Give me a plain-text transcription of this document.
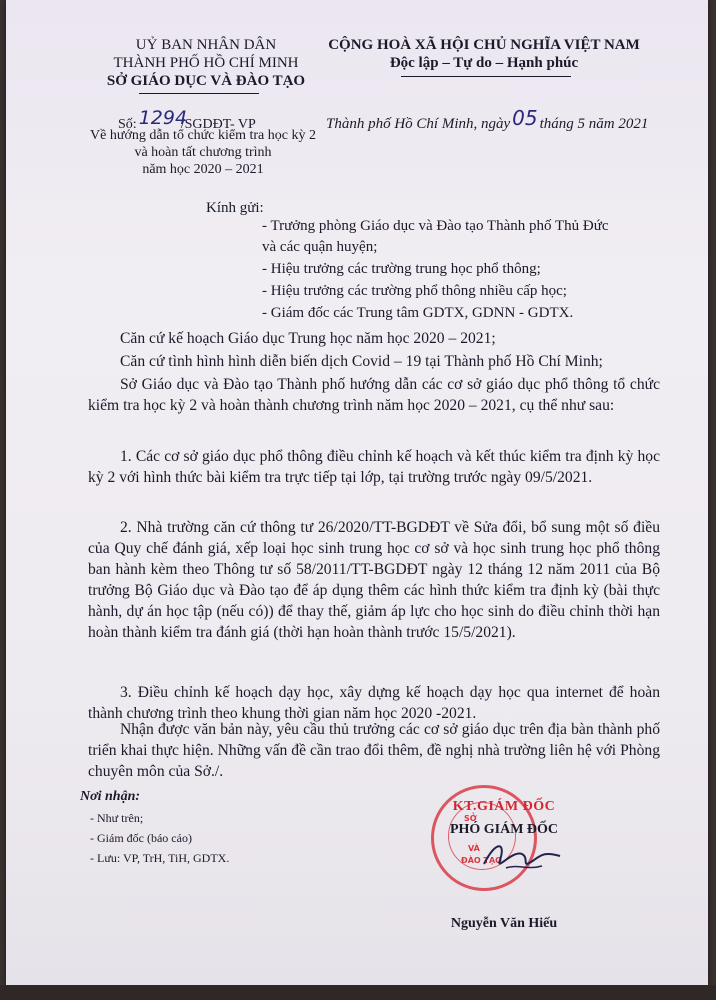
UỶ BAN NHÂN DÂN
THÀNH PHỐ HỒ CHÍ MINH
SỞ GIÁO DỤC VÀ ĐÀO TẠO
CỘNG HOÀ XÃ HỘI CHỦ NGHĨA VIỆT NAM
Độc lập – Tự do – Hạnh phúc
Số: 1294/SGDĐT- VP
Về hướng dẫn tổ chức kiểm tra học kỳ 2
và hoàn tất chương trình
năm học 2020 – 2021
Thành phố Hồ Chí Minh, ngày 05 tháng 5 năm 2021
Kính gửi:
- Trưởng phòng Giáo dục và Đào tạo Thành phố Thủ Đức
và các quận huyện;
- Hiệu trưởng các trường trung học phổ thông;
- Hiệu trưởng các trường phổ thông nhiều cấp học;
- Giám đốc các Trung tâm GDTX, GDNN - GDTX.
Căn cứ kế hoạch Giáo dục Trung học năm học 2020 – 2021;
Căn cứ tình hình hình diễn biến dịch Covid – 19 tại Thành phố Hồ Chí Minh;
Sở Giáo dục và Đào tạo Thành phố hướng dẫn các cơ sở giáo dục phổ thông tổ chức kiểm tra học kỳ 2 và hoàn thành chương trình năm học 2020 – 2021, cụ thể như sau:
1. Các cơ sở giáo dục phổ thông điều chỉnh kế hoạch và kết thúc kiểm tra định kỳ học kỳ 2 với hình thức bài kiểm tra trực tiếp tại lớp, tại trường trước ngày 09/5/2021.
2. Nhà trường căn cứ thông tư 26/2020/TT-BGDĐT về Sửa đổi, bổ sung một số điều của Quy chế đánh giá, xếp loại học sinh trung học cơ sở và học sinh trung học phổ thông ban hành kèm theo Thông tư số 58/2011/TT-BGDĐT ngày 12 tháng 12 năm 2011 của Bộ trưởng Bộ Giáo dục và Đào tạo để áp dụng thêm các hình thức kiểm tra định kỳ (bài thực hành, dự án học tập (nếu có)) để thay thế, giảm áp lực cho học sinh do điều chỉnh thời hạn hoàn thành kiểm tra đánh giá (thời hạn hoàn thành trước 15/5/2021).
3. Điều chỉnh kế hoạch dạy học, xây dựng kế hoạch dạy học qua internet để hoàn thành chương trình theo khung thời gian năm học 2020 -2021.
Nhận được văn bản này, yêu cầu thủ trưởng các cơ sở giáo dục trên địa bàn thành phố triển khai thực hiện. Những vấn đề cần trao đổi thêm, đề nghị nhà trường liên hệ với Phòng chuyên môn của Sở./.
Nơi nhận:
- Như trên;
- Giám đốc (báo cáo)
- Lưu: VP, TrH, TiH, GDTX.
SỞ
VÀ
ĐÀO TẠO
KT.GIÁM ĐỐC
PHÓ GIÁM ĐỐC
Nguyễn Văn Hiếu
